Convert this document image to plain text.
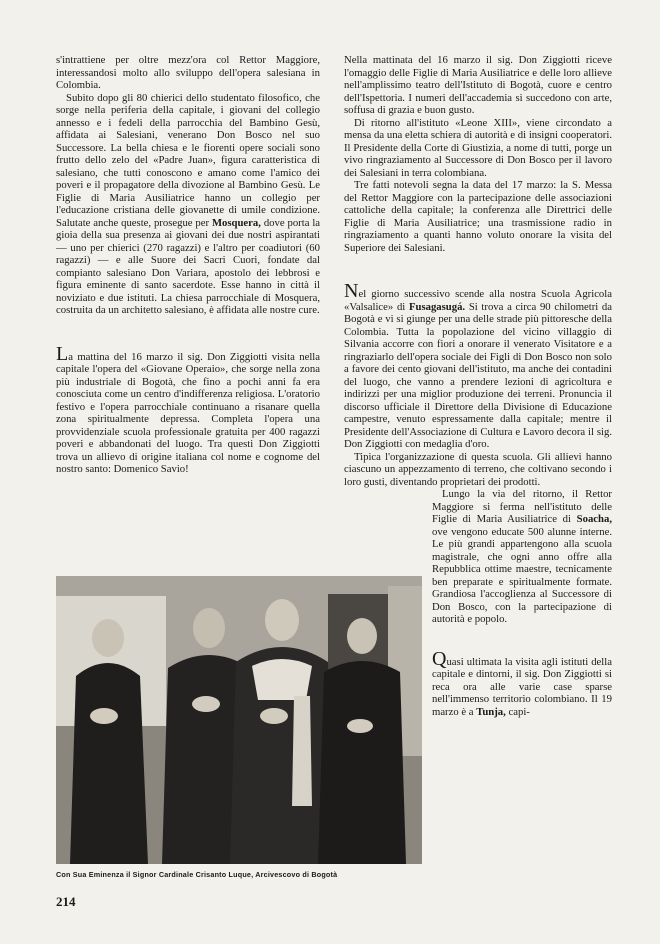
s'intrattiene per oltre mezz'ora col Rettor Maggiore, interessandosi molto allo sviluppo dell'opera salesiana in Colombia.

Subito dopo gli 80 chierici dello studentato filosofico, che sorge nella periferia della capitale, i giovani del collegio annesso e i fedeli della parrocchia del Bambino Gesù, affidata ai Salesiani, venerano Don Bosco nel suo Successore. La bella chiesa e le fiorenti opere sociali sono frutto dello zelo del «Padre Juan», figura caratteristica di salesiano, che tutti conoscono e amano come l'amico dei poveri e il propagatore della divozione al Bambino Gesù. Le Figlie di Maria Ausiliatrice hanno un collegio per l'educazione cristiana delle giovanette di umile condizione. Salutate anche queste, prosegue per Mosquera, dove porta la gioia della sua presenza ai giovani dei due nostri aspirantati — uno per chierici (270 ragazzi) e l'altro per coadiutori (60 ragazzi) — e alle Suore dei Sacri Cuori, fondate dal compianto salesiano Don Variara, apostolo dei lebbrosi e figura eminente di santo sacerdote. Esse hanno in città il noviziato e due istituti. La chiesa parrocchiale di Mosquera, costruita da un architetto salesiano, è affidata alle nostre cure.

La mattina del 16 marzo il sig. Don Ziggiotti visita nella capitale l'opera del «Giovane Operaio», che sorge nella zona più industriale di Bogotà, che fino a pochi anni fa era conosciuta come un centro d'indifferenza religiosa. L'oratorio festivo e l'opera parrocchiale continuano a risanare quella zona spiritualmente depressa. Completa l'opera una provvidenziale scuola professionale gratuita per 400 ragazzi poveri e abbandonati del luogo. Tra questi Don Ziggiotti trova un allievo di origine italiana col nome e cognome del nostro santo: Domenico Savio!

Nella mattinata del 16 marzo il sig. Don Ziggiotti riceve l'omaggio delle Figlie di Maria Ausiliatrice e delle loro allieve nell'amplissimo teatro dell'Istituto di Bogotà, cuore e centro dell'Ispettoria. I numeri dell'accademia si succedono con arte, soffusa di grazia e buon gusto.

Di ritorno all'istituto «Leone XIII», viene circondato a mensa da una eletta schiera di autorità e di insigni cooperatori. Il Presidente della Corte di Giustizia, a nome di tutti, porge un vivo ringraziamento al Successore di Don Bosco per il lavoro dei Salesiani in terra colombiana.

Tre fatti notevoli segna la data del 17 marzo: la S. Messa del Rettor Maggiore con la partecipazione delle associazioni cattoliche della capitale; la conferenza alle Direttrici delle Figlie di Maria Ausiliatrice; una trasmissione radio in ringraziamento a quanti hanno voluto onorare la visita del Superiore dei Salesiani.

Nel giorno successivo scende alla nostra Scuola Agricola «Valsalice» di Fusagasugá. Si trova a circa 90 chilometri da Bogotà e vi si giunge per una delle strade più pittoresche della Colombia. Tutta la popolazione del vicino villaggio di Silvania accorre con fiori a onorare il venerato Visitatore e a ringraziarlo dell'opera sociale dei Figli di Don Bosco non solo a favore dei cento giovani dell'istituto, ma anche dei contadini del luogo, che vanno a prendere lezioni di agricoltura e indirizzi per una miglior produzione dei terreni. Pronuncia il discorso ufficiale il Direttore della Divisione di Educazione campestre, venuto espressamente dalla capitale; mentre il Presidente dell'Associazione di Cultura e Lavoro decora il sig. Don Ziggiotti con medaglia d'oro.

Tipica l'organizzazione di questa scuola. Gli allievi hanno ciascuno un appezzamento di terreno, che coltivano secondo i loro gusti, diventando proprietari dei prodotti.

Lungo la via del ritorno, il Rettor Maggiore si ferma nell'istituto delle Figlie di Maria Ausiliatrice di Soacha, ove vengono educate 500 alunne interne. Le più grandi appartengono alla scuola magistrale, che ogni anno offre alla Repubblica ottime maestre, tecnicamente ben preparate e spiritualmente formate. Grandiosa l'accoglienza al Successore di Don Bosco, con la partecipazione di autorità e popolo.

Quasi ultimata la visita agli istituti della capitale e dintorni, il sig. Don Ziggiotti si reca ora alle varie case sparse nell'immenso territorio colombiano. Il 19 marzo è a Tunja, capi-

Con Sua Eminenza il Signor Cardinale Crisanto Luque, Arcivescovo di Bogotà
214
